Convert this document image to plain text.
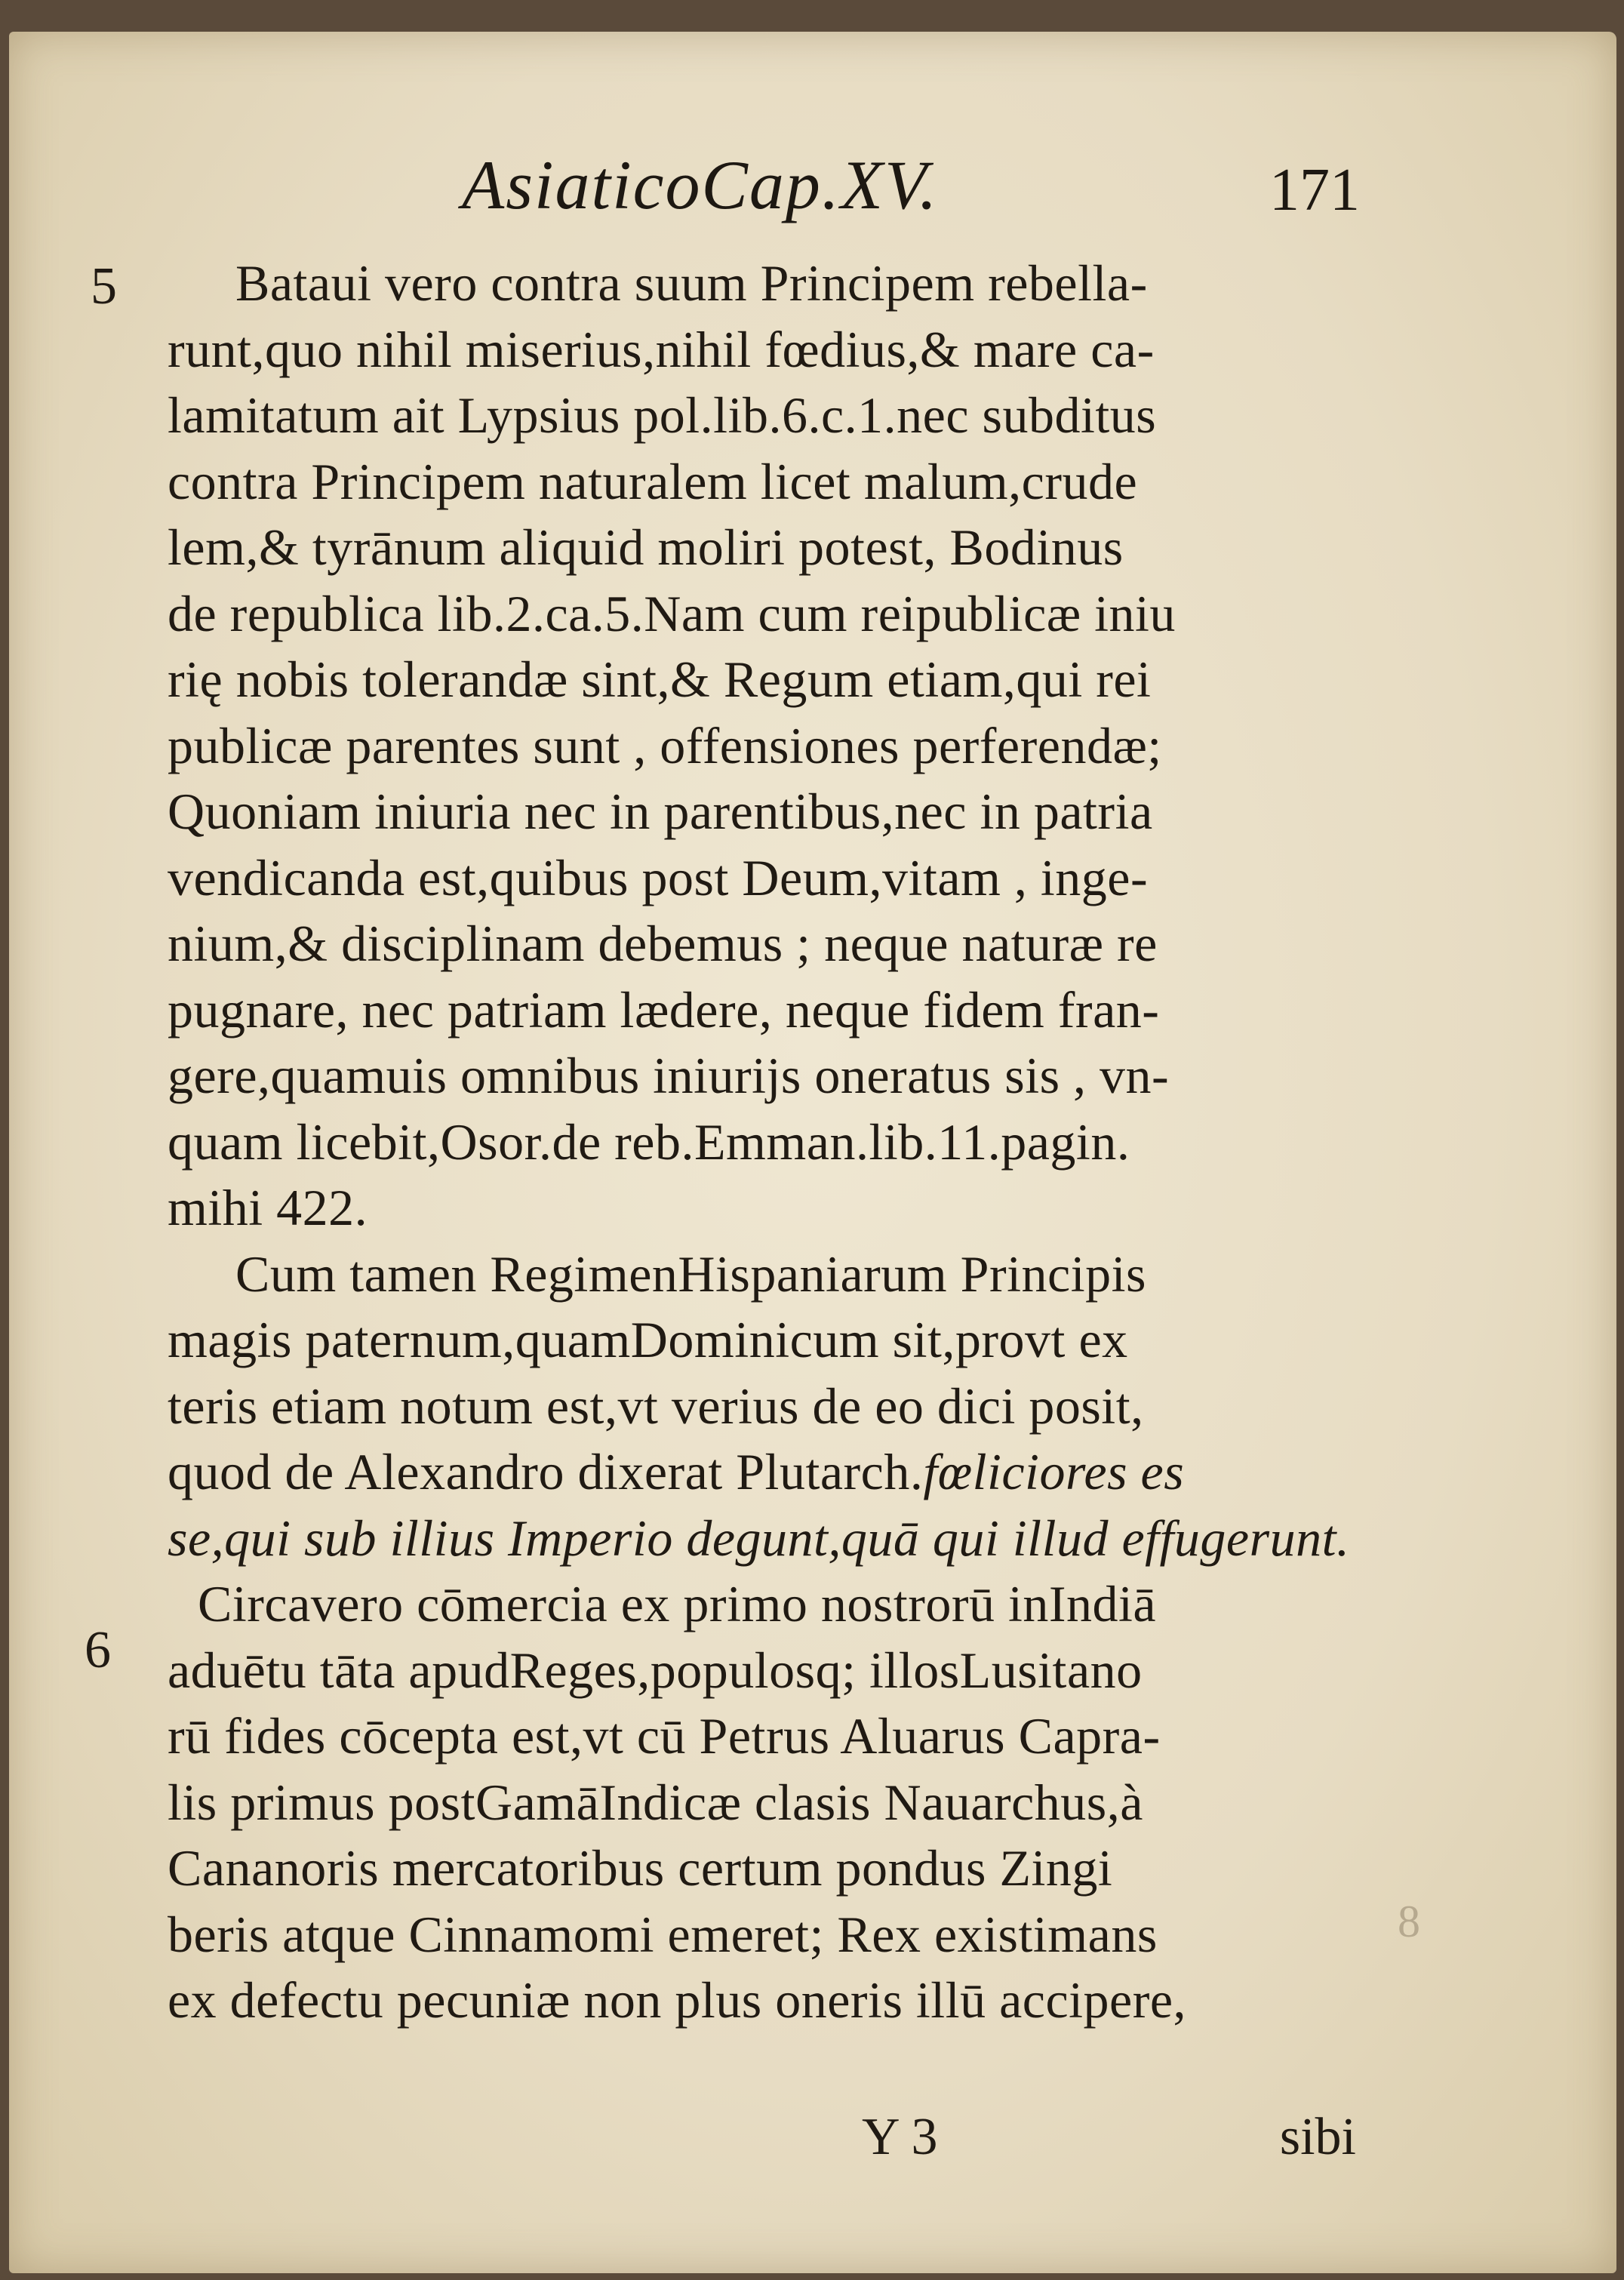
AsiaticoCap.XV.	171
5
6
Bataui vero contra suum Principem rebella-
runt,quo nihil miserius,nihil fœdius,& mare ca-
lamitatum ait Lypsius pol.lib.6.c.1.nec subditus
contra Principem naturalem licet malum,crude
lem,& tyrānum aliquid moliri potest, Bodinus
de republica lib.2.ca.5.Nam cum reipublicæ iniu
rię nobis tolerandæ sint,& Regum etiam,qui rei
publicæ parentes sunt , offensiones perferendæ;
Quoniam iniuria nec in parentibus,nec in patria
vendicanda est,quibus post Deum,vitam , inge-
nium,& disciplinam debemus ; neque naturæ re
pugnare, nec patriam lædere, neque fidem fran-
gere,quamuis omnibus iniurijs oneratus sis , vn-
quam licebit,Osor.de reb.Emman.lib.11.pagin.
mihi 422.
Cum tamen RegimenHispaniarum Principis
magis paternum,quamDominicum sit,provt ex
teris etiam notum est,vt verius de eo dici posit,
quod de Alexandro dixerat Plutarch.fœliciores es
se,qui sub illius Imperio degunt,quā qui illud effugerunt.
Circavero cōmercia ex primo nostrorū inIndiā
aduētu tāta apudReges,populosq; illosLusitano
rū fides cōcepta est,vt cū Petrus Aluarus Capra-
lis primus postGamāIndicæ clasis Nauarchus,à
Cananoris mercatoribus certum pondus Zingi
beris atque Cinnamomi emeret; Rex existimans
ex defectu pecuniæ non plus oneris illū accipere,
Y 3	sibi
8
